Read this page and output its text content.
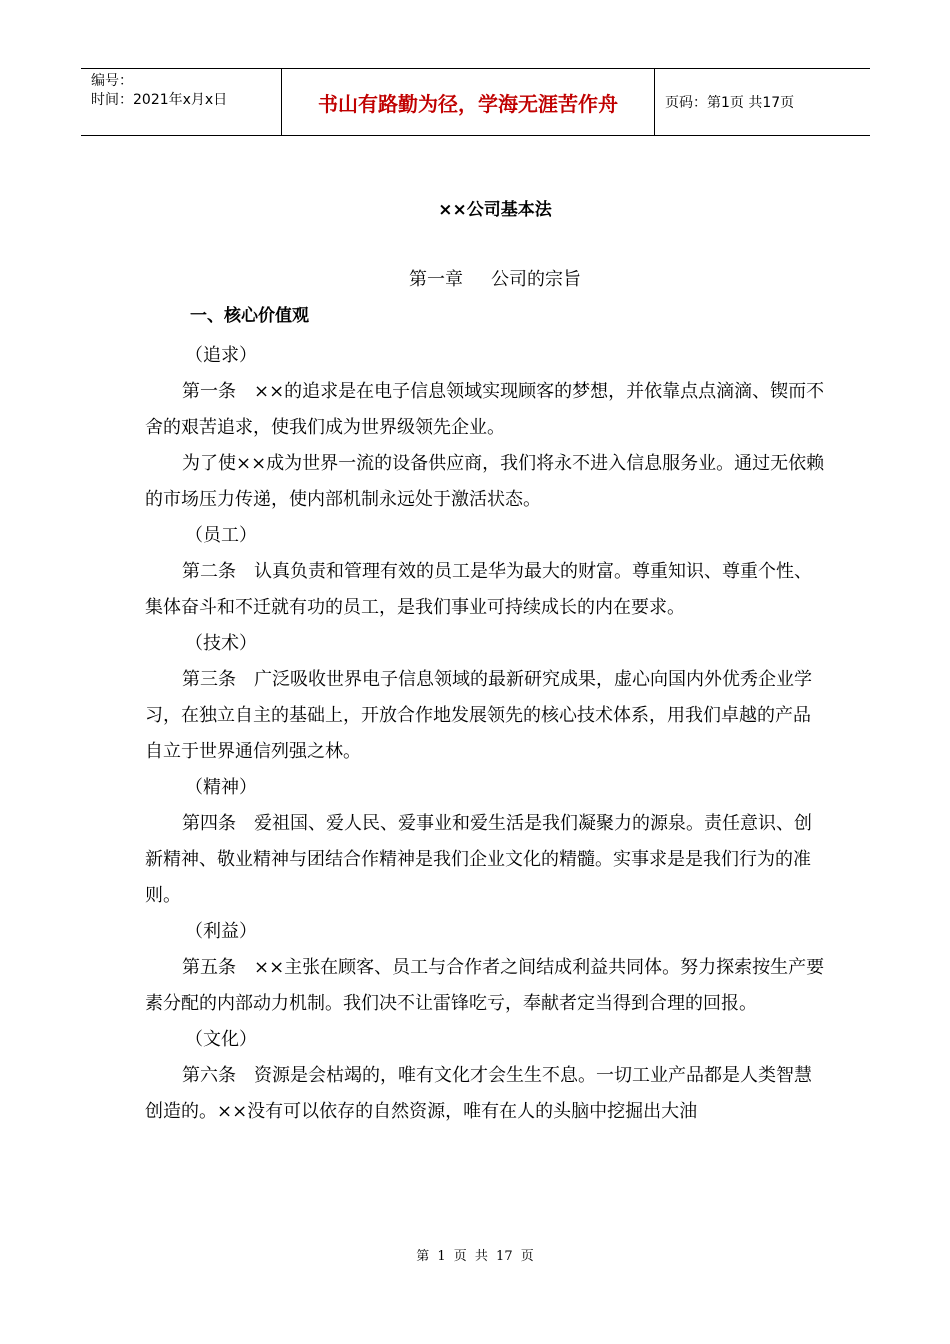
编号：
时间：2021年x月x日	书山有路勤为径，学海无涯苦作舟	页码：第1页 共17页
××公司基本法
第一章 公司的宗旨
一、核心价值观
（追求）

第一条 ××的追求是在电子信息领域实现顾客的梦想，并依靠点点滴滴、锲而不舍的艰苦追求，使我们成为世界级领先企业。

为了使××成为世界一流的设备供应商，我们将永不进入信息服务业。通过无依赖的市场压力传递，使内部机制永远处于激活状态。

（员工）

第二条 认真负责和管理有效的员工是华为最大的财富。尊重知识、尊重个性、集体奋斗和不迁就有功的员工，是我们事业可持续成长的内在要求。

（技术）

第三条 广泛吸收世界电子信息领域的最新研究成果，虚心向国内外优秀企业学习，在独立自主的基础上，开放合作地发展领先的核心技术体系，用我们卓越的产品自立于世界通信列强之林。

（精神）

第四条 爱祖国、爱人民、爱事业和爱生活是我们凝聚力的源泉。责任意识、创新精神、敬业精神与团结合作精神是我们企业文化的精髓。实事求是是我们行为的准则。

（利益）

第五条 ××主张在顾客、员工与合作者之间结成利益共同体。努力探索按生产要素分配的内部动力机制。我们决不让雷锋吃亏，奉献者定当得到合理的回报。

（文化）

第六条 资源是会枯竭的，唯有文化才会生生不息。一切工业产品都是人类智慧创造的。××没有可以依存的自然资源，唯有在人的头脑中挖掘出大油

第 1 页 共 17 页
